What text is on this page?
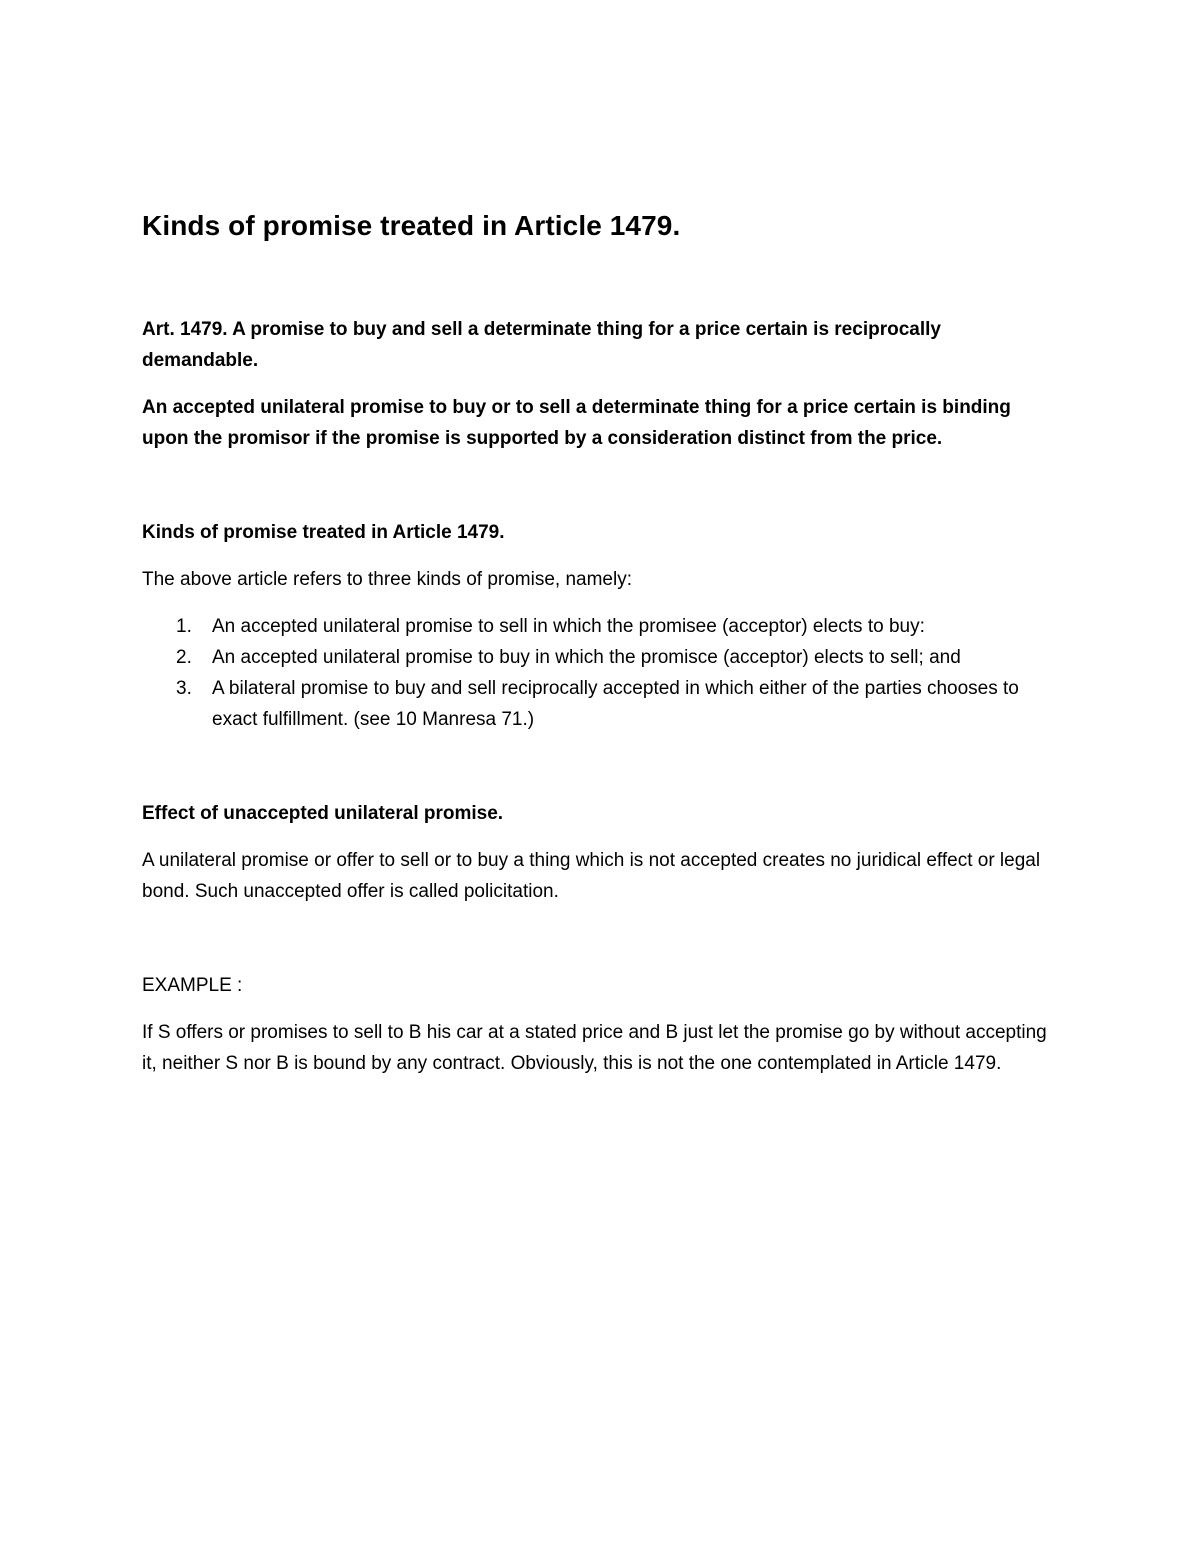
Kinds of promise treated in Article 1479.

Art. 1479. A promise to buy and sell a determinate thing for a price certain is reciprocally demandable.

An accepted unilateral promise to buy or to sell a determinate thing for a price certain is binding upon the promisor if the promise is supported by a consideration distinct from the price.

Kinds of promise treated in Article 1479.

The above article refers to three kinds of promise, namely:

1. An accepted unilateral promise to sell in which the promisee (acceptor) elects to buy:
2. An accepted unilateral promise to buy in which the promisce (acceptor) elects to sell; and
3. A bilateral promise to buy and sell reciprocally accepted in which either of the parties chooses to exact fulfillment. (see 10 Manresa 71.)

Effect of unaccepted unilateral promise.

A unilateral promise or offer to sell or to buy a thing which is not accepted creates no juridical effect or legal bond. Such unaccepted offer is called policitation.

EXAMPLE :

If S offers or promises to sell to B his car at a stated price and B just let the promise go by without accepting it, neither S nor B is bound by any contract. Obviously, this is not the one contemplated in Article 1479.
